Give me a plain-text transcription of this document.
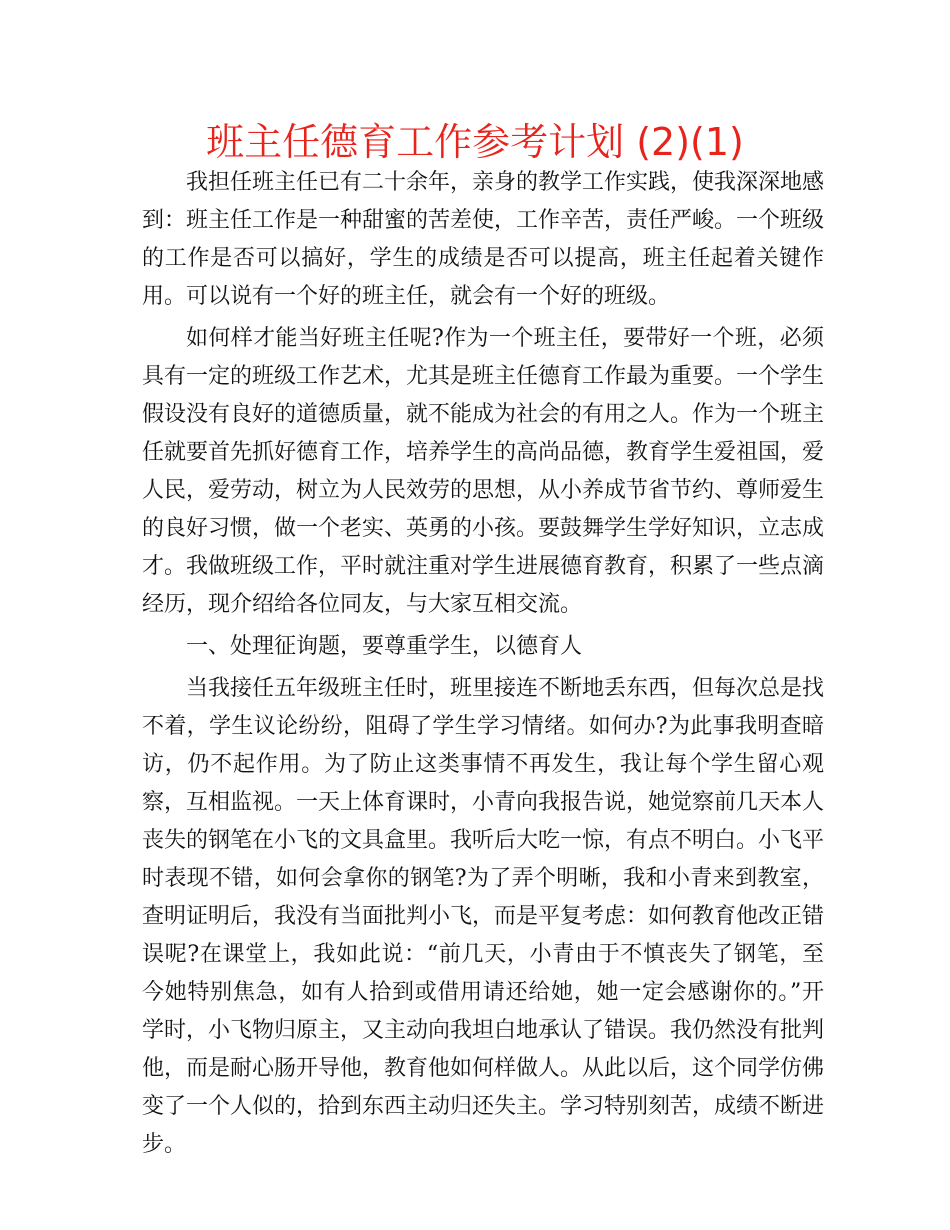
班主任德育工作参考计划 (2)(1)

我担任班主任已有二十余年，亲身的教学工作实践，使我深深地感到：班主任工作是一种甜蜜的苦差使，工作辛苦，责任严峻。一个班级的工作是否可以搞好，学生的成绩是否可以提高，班主任起着关键作用。可以说有一个好的班主任，就会有一个好的班级。

如何样才能当好班主任呢?作为一个班主任，要带好一个班，必须具有一定的班级工作艺术，尤其是班主任德育工作最为重要。一个学生假设没有良好的道德质量，就不能成为社会的有用之人。作为一个班主任就要首先抓好德育工作，培养学生的高尚品德，教育学生爱祖国，爱人民，爱劳动，树立为人民效劳的思想，从小养成节省节约、尊师爱生的良好习惯，做一个老实、英勇的小孩。要鼓舞学生学好知识，立志成才。我做班级工作，平时就注重对学生进展德育教育，积累了一些点滴经历，现介绍给各位同友，与大家互相交流。

一、处理征询题，要尊重学生，以德育人

当我接任五年级班主任时，班里接连不断地丢东西，但每次总是找不着，学生议论纷纷，阻碍了学生学习情绪。如何办?为此事我明查暗访，仍不起作用。为了防止这类事情不再发生，我让每个学生留心观察，互相监视。一天上体育课时，小青向我报告说，她觉察前几天本人丧失的钢笔在小飞的文具盒里。我听后大吃一惊，有点不明白。小飞平时表现不错，如何会拿你的钢笔?为了弄个明晰，我和小青来到教室，查明证明后，我没有当面批判小飞，而是平复考虑：如何教育他改正错误呢?在课堂上，我如此说：“前几天，小青由于不慎丧失了钢笔，至今她特别焦急，如有人拾到或借用请还给她，她一定会感谢你的。”开学时，小飞物归原主，又主动向我坦白地承认了错误。我仍然没有批判他，而是耐心肠开导他，教育他如何样做人。从此以后，这个同学仿佛变了一个人似的，拾到东西主动归还失主。学习特别刻苦，成绩不断进步。
